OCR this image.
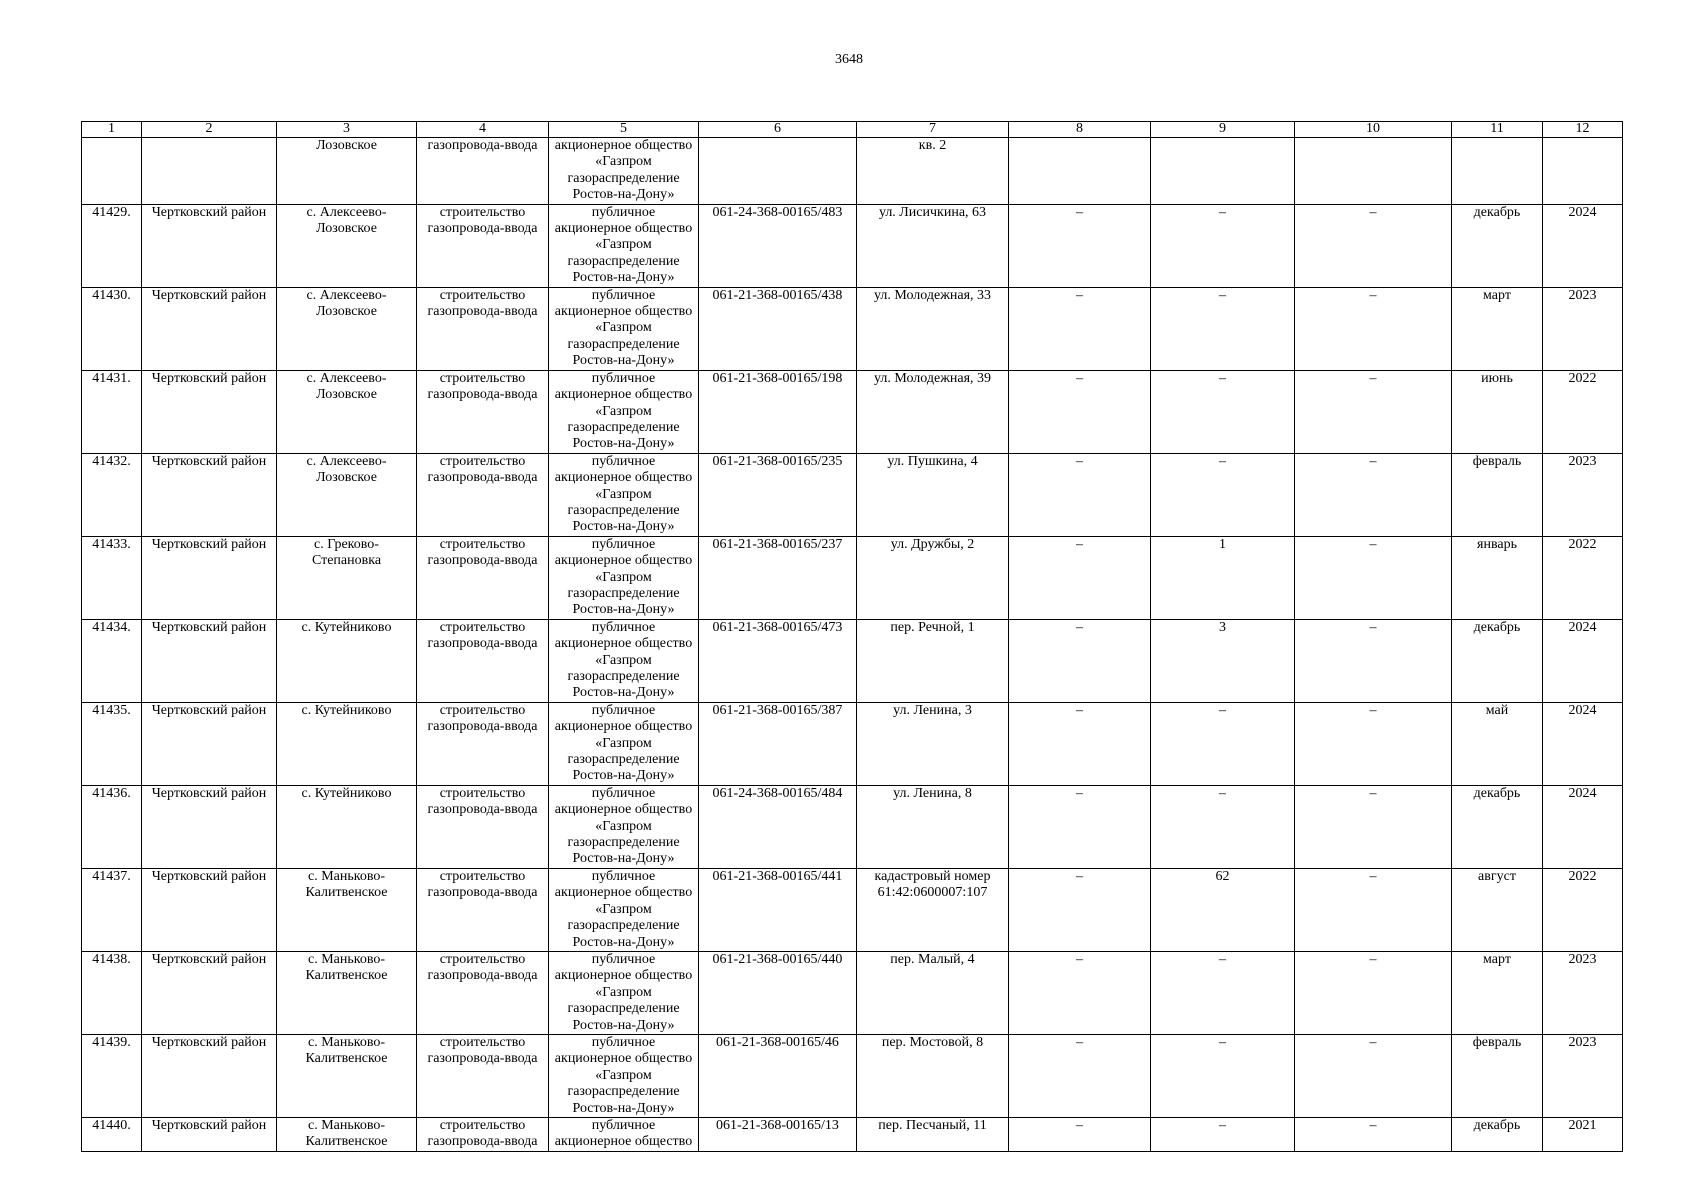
3648
1	2	3	4	5	6	7	8	9	10	11	12
		Лозовское	газопровода-ввода	акционерное общество «Газпром газораспределение Ростов-на-Дону»		кв. 2					
41429.	Чертковский район	с. Алексеево-Лозовское	строительство газопровода-ввода	публичное акционерное общество «Газпром газораспределение Ростов-на-Дону»	061-24-368-00165/483	ул. Лисичкина, 63	–	–	–	декабрь	2024
41430.	Чертковский район	с. Алексеево-Лозовское	строительство газопровода-ввода	публичное акционерное общество «Газпром газораспределение Ростов-на-Дону»	061-21-368-00165/438	ул. Молодежная, 33	–	–	–	март	2023
41431.	Чертковский район	с. Алексеево-Лозовское	строительство газопровода-ввода	публичное акционерное общество «Газпром газораспределение Ростов-на-Дону»	061-21-368-00165/198	ул. Молодежная, 39	–	–	–	июнь	2022
41432.	Чертковский район	с. Алексеево-Лозовское	строительство газопровода-ввода	публичное акционерное общество «Газпром газораспределение Ростов-на-Дону»	061-21-368-00165/235	ул. Пушкина, 4	–	–	–	февраль	2023
41433.	Чертковский район	с. Греково-Степановка	строительство газопровода-ввода	публичное акционерное общество «Газпром газораспределение Ростов-на-Дону»	061-21-368-00165/237	ул. Дружбы, 2	–	1	–	январь	2022
41434.	Чертковский район	с. Кутейниково	строительство газопровода-ввода	публичное акционерное общество «Газпром газораспределение Ростов-на-Дону»	061-21-368-00165/473	пер. Речной, 1	–	3	–	декабрь	2024
41435.	Чертковский район	с. Кутейниково	строительство газопровода-ввода	публичное акционерное общество «Газпром газораспределение Ростов-на-Дону»	061-21-368-00165/387	ул. Ленина, 3	–	–	–	май	2024
41436.	Чертковский район	с. Кутейниково	строительство газопровода-ввода	публичное акционерное общество «Газпром газораспределение Ростов-на-Дону»	061-24-368-00165/484	ул. Ленина, 8	–	–	–	декабрь	2024
41437.	Чертковский район	с. Маньково-Калитвенское	строительство газопровода-ввода	публичное акционерное общество «Газпром газораспределение Ростов-на-Дону»	061-21-368-00165/441	кадастровый номер 61:42:0600007:107	–	62	–	август	2022
41438.	Чертковский район	с. Маньково-Калитвенское	строительство газопровода-ввода	публичное акционерное общество «Газпром газораспределение Ростов-на-Дону»	061-21-368-00165/440	пер. Малый, 4	–	–	–	март	2023
41439.	Чертковский район	с. Маньково-Калитвенское	строительство газопровода-ввода	публичное акционерное общество «Газпром газораспределение Ростов-на-Дону»	061-21-368-00165/46	пер. Мостовой, 8	–	–	–	февраль	2023
41440.	Чертковский район	с. Маньково-Калитвенское	строительство газопровода-ввода	публичное акционерное общество	061-21-368-00165/13	пер. Песчаный, 11	–	–	–	декабрь	2021
